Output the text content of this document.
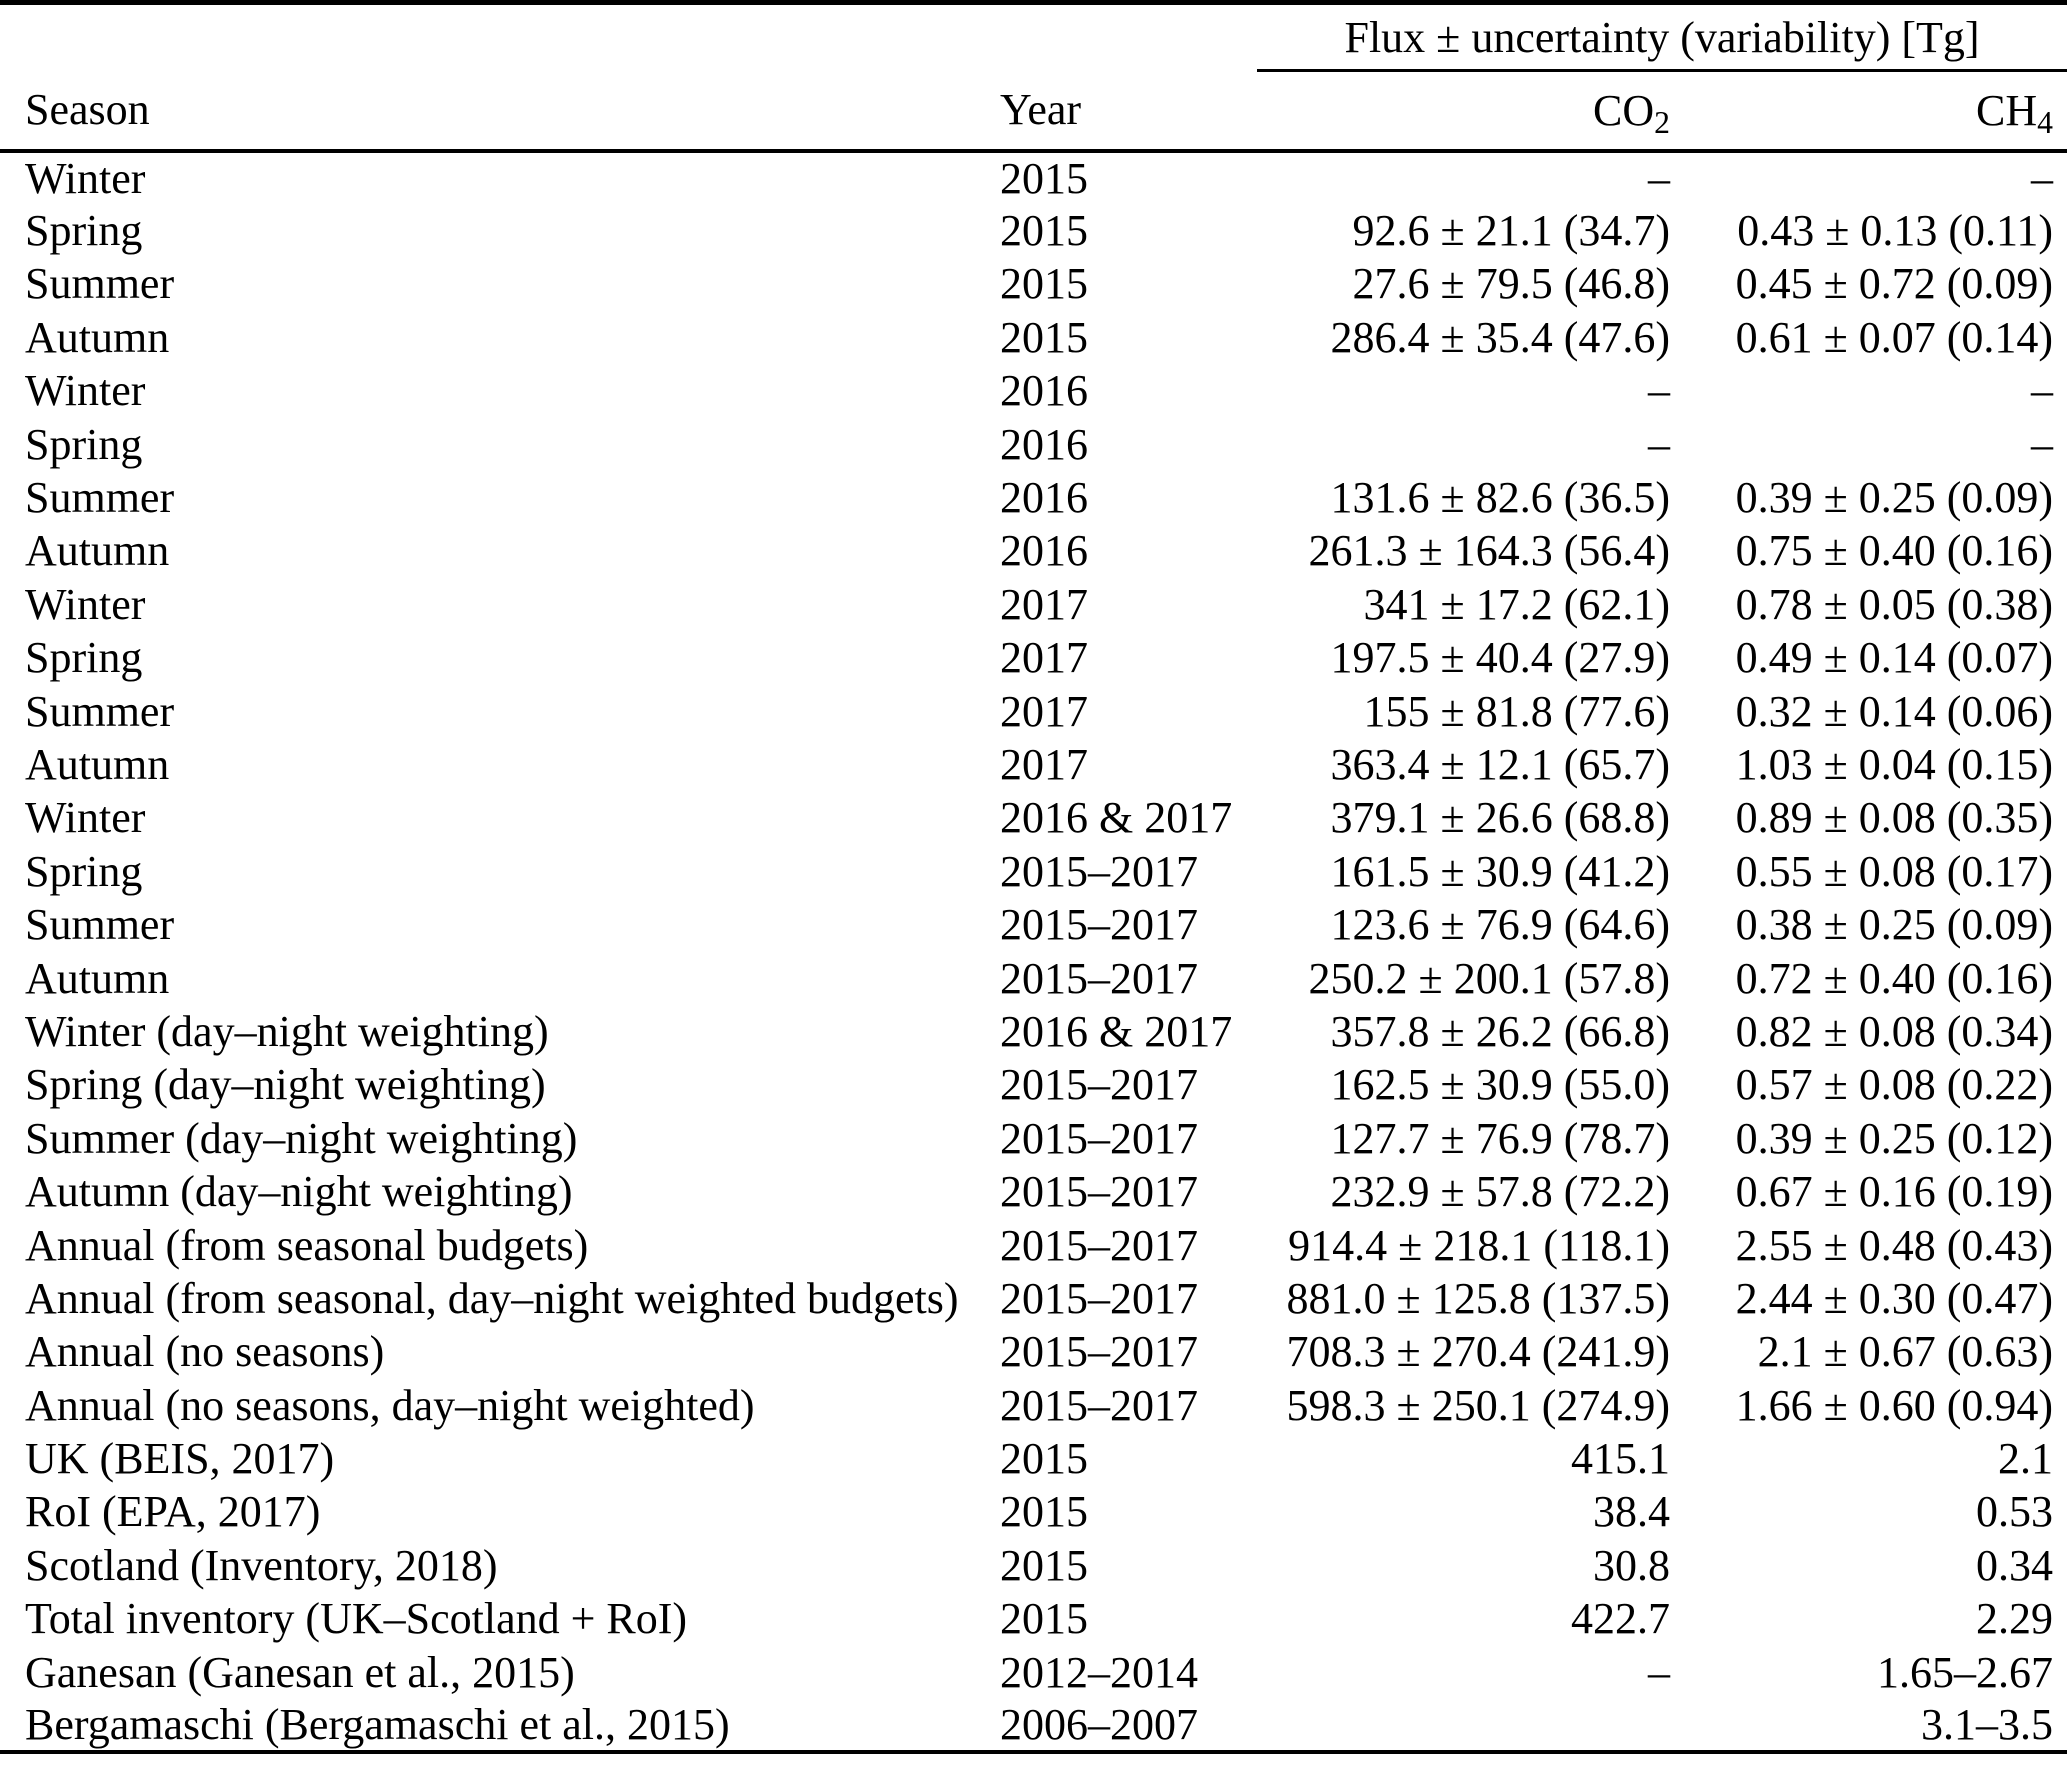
		Flux ± uncertainty (variability) [Tg]	
Season	Year	$CO_2$	$CH_4$
Winter	2015	–	–
Spring	2015	92.6 ± 21.1 (34.7)	0.43 ± 0.13 (0.11)
Summer	2015	27.6 ± 79.5 (46.8)	0.45 ± 0.72 (0.09)
Autumn	2015	286.4 ± 35.4 (47.6)	0.61 ± 0.07 (0.14)
Winter	2016	–	–
Spring	2016	–	–
Summer	2016	131.6 ± 82.6 (36.5)	0.39 ± 0.25 (0.09)
Autumn	2016	261.3 ± 164.3 (56.4)	0.75 ± 0.40 (0.16)
Winter	2017	341 ± 17.2 (62.1)	0.78 ± 0.05 (0.38)
Spring	2017	197.5 ± 40.4 (27.9)	0.49 ± 0.14 (0.07)
Summer	2017	155 ± 81.8 (77.6)	0.32 ± 0.14 (0.06)
Autumn	2017	363.4 ± 12.1 (65.7)	1.03 ± 0.04 (0.15)
Winter	2016 & 2017	379.1 ± 26.6 (68.8)	0.89 ± 0.08 (0.35)
Spring	2015–2017	161.5 ± 30.9 (41.2)	0.55 ± 0.08 (0.17)
Summer	2015–2017	123.6 ± 76.9 (64.6)	0.38 ± 0.25 (0.09)
Autumn	2015–2017	250.2 ± 200.1 (57.8)	0.72 ± 0.40 (0.16)
Winter (day–night weighting)	2016 & 2017	357.8 ± 26.2 (66.8)	0.82 ± 0.08 (0.34)
Spring (day–night weighting)	2015–2017	162.5 ± 30.9 (55.0)	0.57 ± 0.08 (0.22)
Summer (day–night weighting)	2015–2017	127.7 ± 76.9 (78.7)	0.39 ± 0.25 (0.12)
Autumn (day–night weighting)	2015–2017	232.9 ± 57.8 (72.2)	0.67 ± 0.16 (0.19)
Annual (from seasonal budgets)	2015–2017	914.4 ± 218.1 (118.1)	2.55 ± 0.48 (0.43)
Annual (from seasonal, day–night weighted budgets)	2015–2017	881.0 ± 125.8 (137.5)	2.44 ± 0.30 (0.47)
Annual (no seasons)	2015–2017	708.3 ± 270.4 (241.9)	2.1 ± 0.67 (0.63)
Annual (no seasons, day–night weighted)	2015–2017	598.3 ± 250.1 (274.9)	1.66 ± 0.60 (0.94)
UK (BEIS, 2017)	2015	415.1	2.1
RoI (EPA, 2017)	2015	38.4	0.53
Scotland (Inventory, 2018)	2015	30.8	0.34
Total inventory (UK–Scotland + RoI)	2015	422.7	2.29
Ganesan (Ganesan et al., 2015)	2012–2014	–	1.65–2.67
Bergamaschi (Bergamaschi et al., 2015)	2006–2007		3.1–3.5
